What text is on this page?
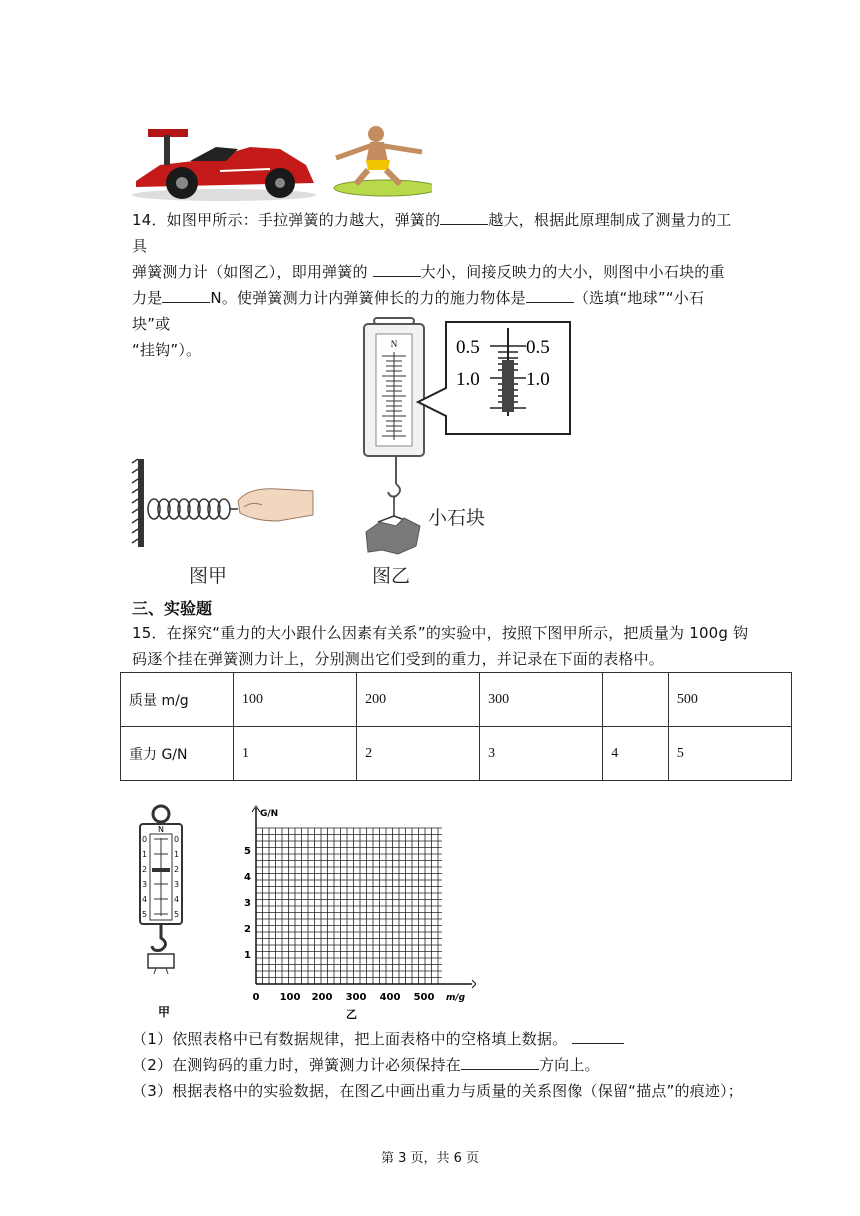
14．如图甲所示：手拉弹簧的力越大，弹簧的	越大，根据此原理制成了测量力的工具
弹簧测力计（如图乙），即用弹簧的	大小，间接反映力的大小，则图中小石块的重
力是	N。使弹簧测力计内弹簧伸长的力的施力物体是	（选填“地球”“小石块”或
“挂钩”）。
图甲
N	0.5 0.5
1.0 1.0
小石块
图乙
三、实验题
15．在探究“重力的大小跟什么因素有关系”的实验中，按照下图甲所示，把质量为 100g 钩
码逐个挂在弹簧测力计上，分别测出它们受到的重力，并记录在下面的表格中。
质量 m/g	100	200	300		500
重力 G/N	1	2	3	4	5
N
0	0
1	1
2	2
3	3
4	4
5	5
甲
G/N
m/g
1
2
3
4
5
0 100 200 300 400 500
乙
（1）依照表格中已有数据规律，把上面表格中的空格填上数据。
（2）在测钩码的重力时，弹簧测力计必须保持在	方向上。
（3）根据表格中的实验数据，在图乙中画出重力与质量的关系图像（保留“描点”的痕迹）；
第 3 页，共 6 页
